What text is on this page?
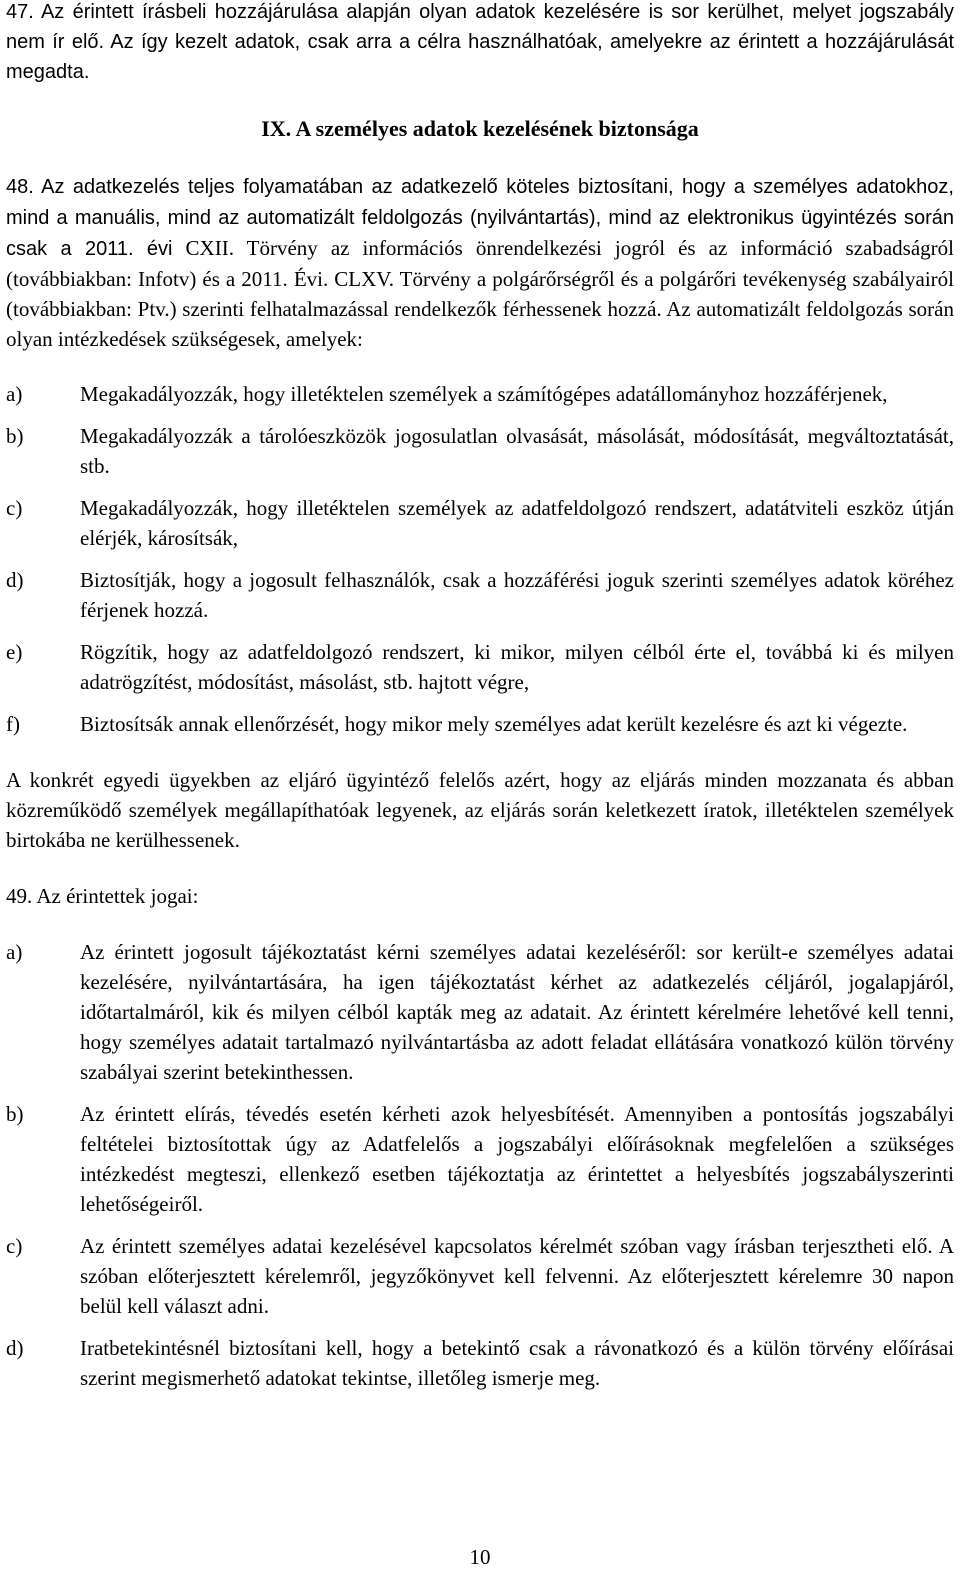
47. Az érintett írásbeli hozzájárulása alapján olyan adatok kezelésére is sor kerülhet, melyet jogszabály nem ír elő. Az így kezelt adatok, csak arra a célra használhatóak, amelyekre az érintett a hozzájárulását megadta.

IX. A személyes adatok kezelésének biztonsága

48. Az adatkezelés teljes folyamatában az adatkezelő köteles biztosítani, hogy a személyes adatokhoz, mind a manuális, mind az automatizált feldolgozás (nyilvántartás), mind az elektronikus ügyintézés során csak a 2011. évi CXII. Törvény az információs önrendelkezési jogról és az információ szabadságról (továbbiakban: Infotv) és a 2011. Évi. CLXV. Törvény a polgárőrségről és a polgárőri tevékenység szabályairól (továbbiakban: Ptv.) szerinti felhatalmazással rendelkezők férhessenek hozzá. Az automatizált feldolgozás során olyan intézkedések szükségesek, amelyek:

a)	Megakadályozzák, hogy illetéktelen személyek a számítógépes adatállományhoz hozzáférjenek,
b)	Megakadályozzák a tárolóeszközök jogosulatlan olvasását, másolását, módosítását, megváltoztatását, stb.
c)	Megakadályozzák, hogy illetéktelen személyek az adatfeldolgozó rendszert, adatátviteli eszköz útján elérjék, károsítsák,
d)	Biztosítják, hogy a jogosult felhasználók, csak a hozzáférési joguk szerinti személyes adatok köréhez férjenek hozzá.
e)	Rögzítik, hogy az adatfeldolgozó rendszert, ki mikor, milyen célból érte el, továbbá ki és milyen adatrögzítést, módosítást, másolást, stb. hajtott végre,
f)	Biztosítsák annak ellenőrzését, hogy mikor mely személyes adat került kezelésre és azt ki végezte.

A konkrét egyedi ügyekben az eljáró ügyintéző felelős azért, hogy az eljárás minden mozzanata és abban közreműködő személyek megállapíthatóak legyenek, az eljárás során keletkezett íratok, illetéktelen személyek birtokába ne kerülhessenek.

49. Az érintettek jogai:

a)	Az érintett jogosult tájékoztatást kérni személyes adatai kezeléséről: sor került-e személyes adatai kezelésére, nyilvántartására, ha igen tájékoztatást kérhet az adatkezelés céljáról, jogalapjáról, időtartalmáról, kik és milyen célból kapták meg az adatait. Az érintett kérelmére lehetővé kell tenni, hogy személyes adatait tartalmazó nyilvántartásba az adott feladat ellátására vonatkozó külön törvény szabályai szerint betekinthessen.
b)	Az érintett elírás, tévedés esetén kérheti azok helyesbítését. Amennyiben a pontosítás jogszabályi feltételei biztosítottak úgy az Adatfelelős a jogszabályi előírásoknak megfelelően a szükséges intézkedést megteszi, ellenkező esetben tájékoztatja az érintettet a helyesbítés jogszabályszerinti lehetőségeiről.
c)	Az érintett személyes adatai kezelésével kapcsolatos kérelmét szóban vagy írásban terjesztheti elő. A szóban előterjesztett kérelemről, jegyzőkönyvet kell felvenni. Az előterjesztett kérelemre 30 napon belül kell választ adni.
d)	Iratbetekintésnél biztosítani kell, hogy a betekintő csak a rávonatkozó és a külön törvény előírásai szerint megismerhető adatokat tekintse, illetőleg ismerje meg.
10
